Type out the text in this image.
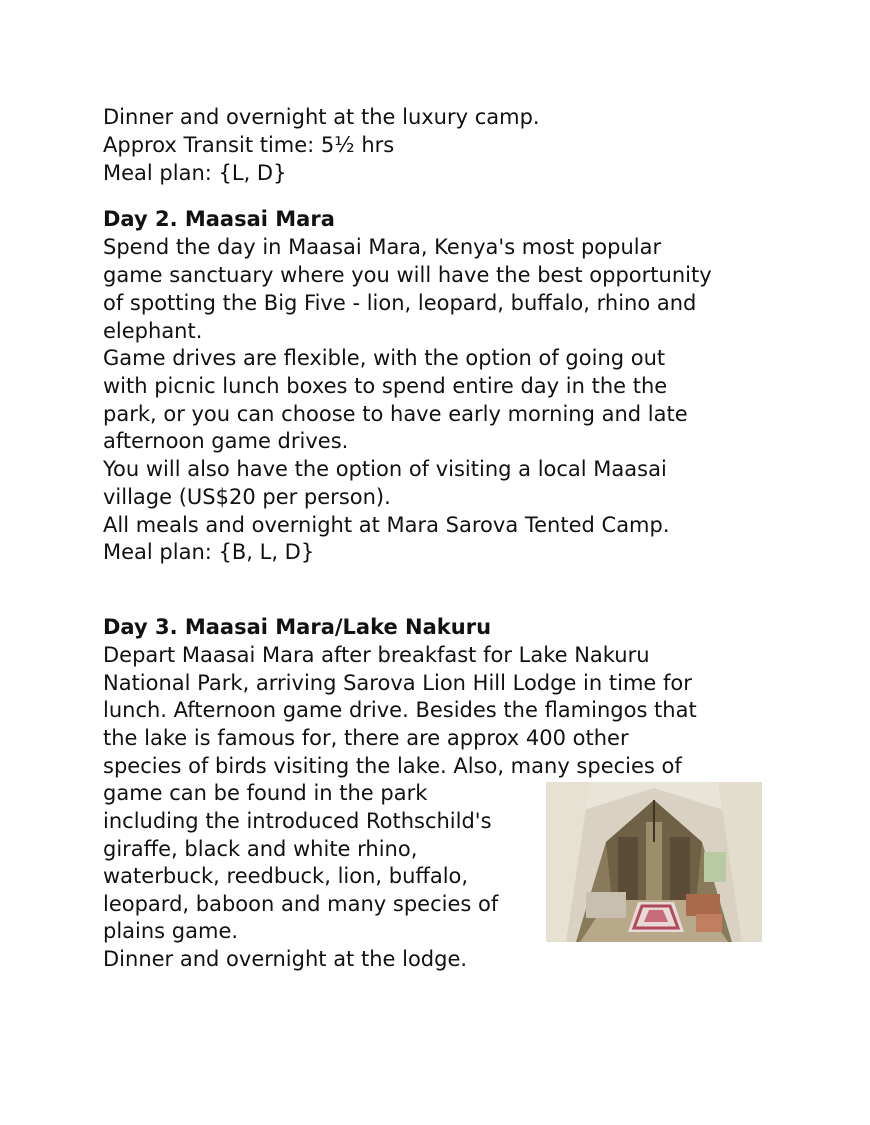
Dinner and overnight at the luxury camp.
Approx Transit time: 5½ hrs
Meal plan: {L, D}
Day 2. Maasai Mara
Spend the day in Maasai Mara, Kenya's most popular
game sanctuary where you will have the best opportunity
of spotting the Big Five - lion, leopard, buffalo, rhino and
elephant.
Game drives are flexible, with the option of going out
with picnic lunch boxes to spend entire day in the the
park, or you can choose to have early morning and late
afternoon game drives.
You will also have the option of visiting a local Maasai
village (US$20 per person).
All meals and overnight at Mara Sarova Tented Camp.
Meal plan: {B, L, D}
Day 3. Maasai Mara/Lake Nakuru
Depart Maasai Mara after breakfast for Lake Nakuru
National Park, arriving Sarova Lion Hill Lodge in time for
lunch. Afternoon game drive. Besides the flamingos that
the lake is famous for, there are approx 400 other
species of birds visiting the lake. Also, many species of
game can be found in the park
including the introduced Rothschild's
giraffe, black and white rhino,
waterbuck, reedbuck, lion, buffalo,
leopard, baboon and many species of
plains game.
Dinner and overnight at the lodge.
